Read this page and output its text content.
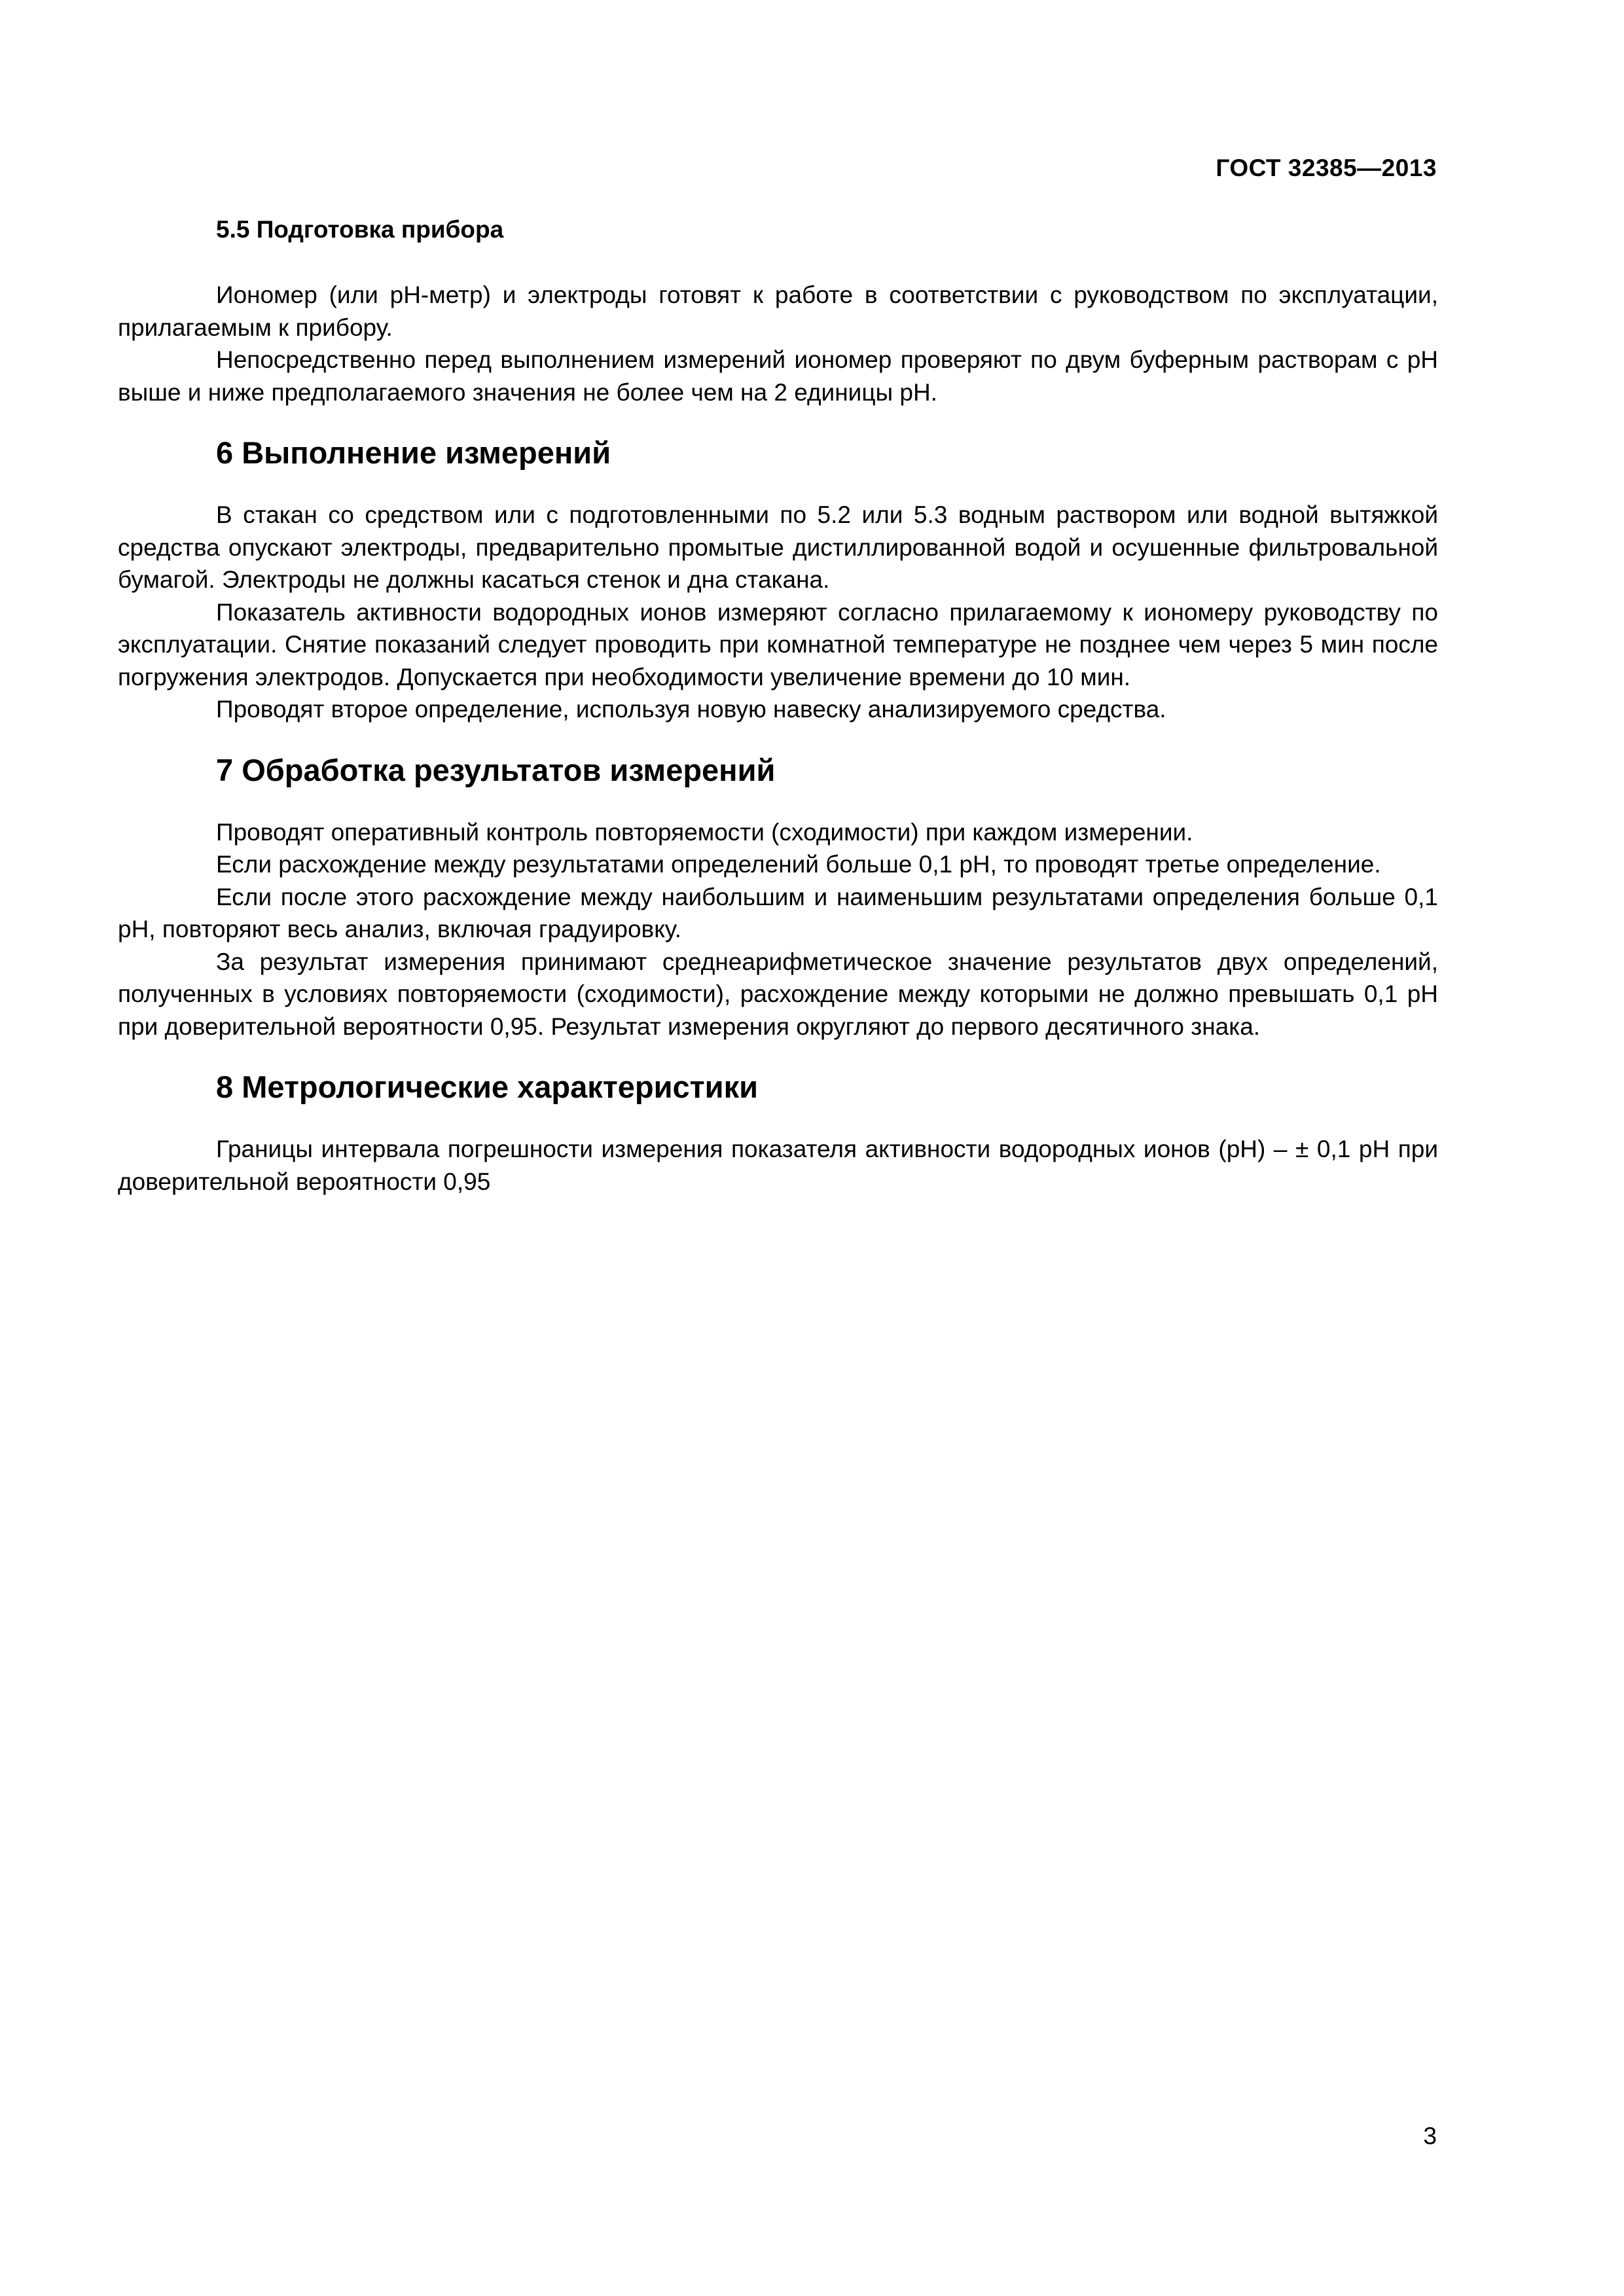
ГОСТ 32385—2013
5.5 Подготовка прибора

Иономер (или pH-метр) и электроды готовят к работе в соответствии с руководством по эксплуатации, прилагаемым к прибору.

Непосредственно перед выполнением измерений иономер проверяют по двум буферным растворам с pH выше и ниже предполагаемого значения не более чем на 2 единицы pH.

6 Выполнение измерений

В стакан со средством или с подготовленными по 5.2 или 5.3 водным раствором или водной вытяжкой средства опускают электроды, предварительно промытые дистиллированной водой и осушенные фильтровальной бумагой. Электроды не должны касаться стенок и дна стакана.

Показатель активности водородных ионов измеряют согласно прилагаемому к иономеру руководству по эксплуатации. Снятие показаний следует проводить при комнатной температуре не позднее чем через 5 мин после погружения электродов. Допускается при необходимости увеличение времени до 10 мин.

Проводят второе определение, используя новую навеску анализируемого средства.

7 Обработка результатов измерений

Проводят оперативный контроль повторяемости (сходимости) при каждом измерении.

Если расхождение между результатами определений больше 0,1 pH, то проводят третье определение.

Если после этого расхождение между наибольшим и наименьшим результатами определения больше 0,1 pH, повторяют весь анализ, включая градуировку.

За результат измерения принимают среднеарифметическое значение результатов двух определений, полученных в условиях повторяемости (сходимости), расхождение между которыми не должно превышать 0,1 pH при доверительной вероятности 0,95. Результат измерения округляют до первого десятичного знака.

8 Метрологические характеристики

Границы интервала погрешности измерения показателя активности водородных ионов (pH) – ± 0,1 pH при доверительной вероятности 0,95

3
